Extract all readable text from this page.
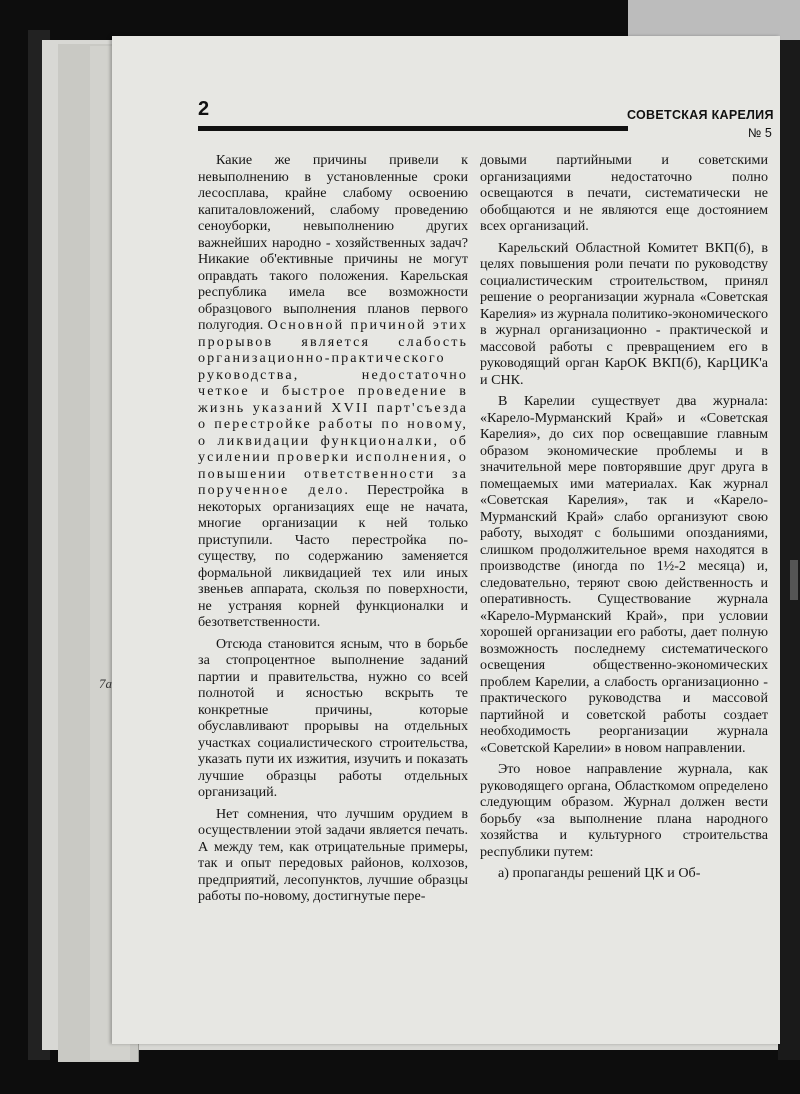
2	СОВЕТСКАЯ КАРЕЛИЯ
№ 5

Какие же причины привели к невыполнению в установленные сроки лесосплава, крайне слабому освоению капиталовложений, слабому проведению сеноуборки, невыполнению других важнейших народно - хозяйственных задач? Никакие об'ективные причины не могут оправдать такого положения. Карельская республика имела все возможности образцового выполнения планов первого полугодия. Основной причиной этих прорывов является слабость организационно-практического руководства, недостаточно четкое и быстрое проведение в жизнь указаний XVII парт'съезда о перестройке работы по новому, о ликвидации функционалки, об усилении проверки исполнения, о повышении ответственности за порученное дело. Перестройка в некоторых организациях еще не начата, многие организации к ней только приступили. Часто перестройка по-существу, по содержанию заменяется формальной ликвидацией тех или иных звеньев аппарата, скользя по поверхности, не устраняя корней функционалки и безответственности.

Отсюда становится ясным, что в борьбе за стопроцентное выполнение заданий партии и правительства, нужно со всей полнотой и ясностью вскрыть те конкретные причины, которые обуславливают прорывы на отдельных участках социалистического строительства, указать пути их изжития, изучить и показать лучшие образцы работы отдельных организаций.

Нет сомнения, что лучшим орудием в осуществлении этой задачи является печать. А между тем, как отрицательные примеры, так и опыт передовых районов, колхозов, предприятий, лесопунктов, лучшие образцы работы по-новому, достигнутые пере-

довыми партийными и советскими организациями недостаточно полно освещаются в печати, систематически не обобщаются и не являются еще достоянием всех организаций.

Карельский Областной Комитет ВКП(б), в целях повышения роли печати по руководству социалистическим строительством, принял решение о реорганизации журнала «Советская Карелия» из журнала политико-экономического в журнал организационно - практической и массовой работы с превращением его в руководящий орган КарОК ВКП(б), КарЦИК'а и СНК.

В Карелии существует два журнала: «Карело-Мурманский Край» и «Советская Карелия», до сих пор освещавшие главным образом экономические проблемы и в значительной мере повторявшие друг друга в помещаемых ими материалах. Как журнал «Советская Карелия», так и «Карело-Мурманский Край» слабо организуют свою работу, выходят с большими опозданиями, слишком продолжительное время находятся в производстве (иногда по 1½-2 месяца) и, следовательно, теряют свою действенность и оперативность. Существование журнала «Карело-Мурманский Край», при условии хорошей организации его работы, дает полную возможность последнему систематического освещения общественно-экономических проблем Карелии, а слабость организационно - практического руководства и массовой партийной и советской работы создает необходимость реорганизации журнала «Советской Карелии» в новом направлении.

Это новое направление журнала, как руководящего органа, Областкомом определено следующим образом. Журнал должен вести борьбу «за выполнение плана народного хозяйства и культурного строительства республики путем:

а) пропаганды решений ЦК и Об-

7а
